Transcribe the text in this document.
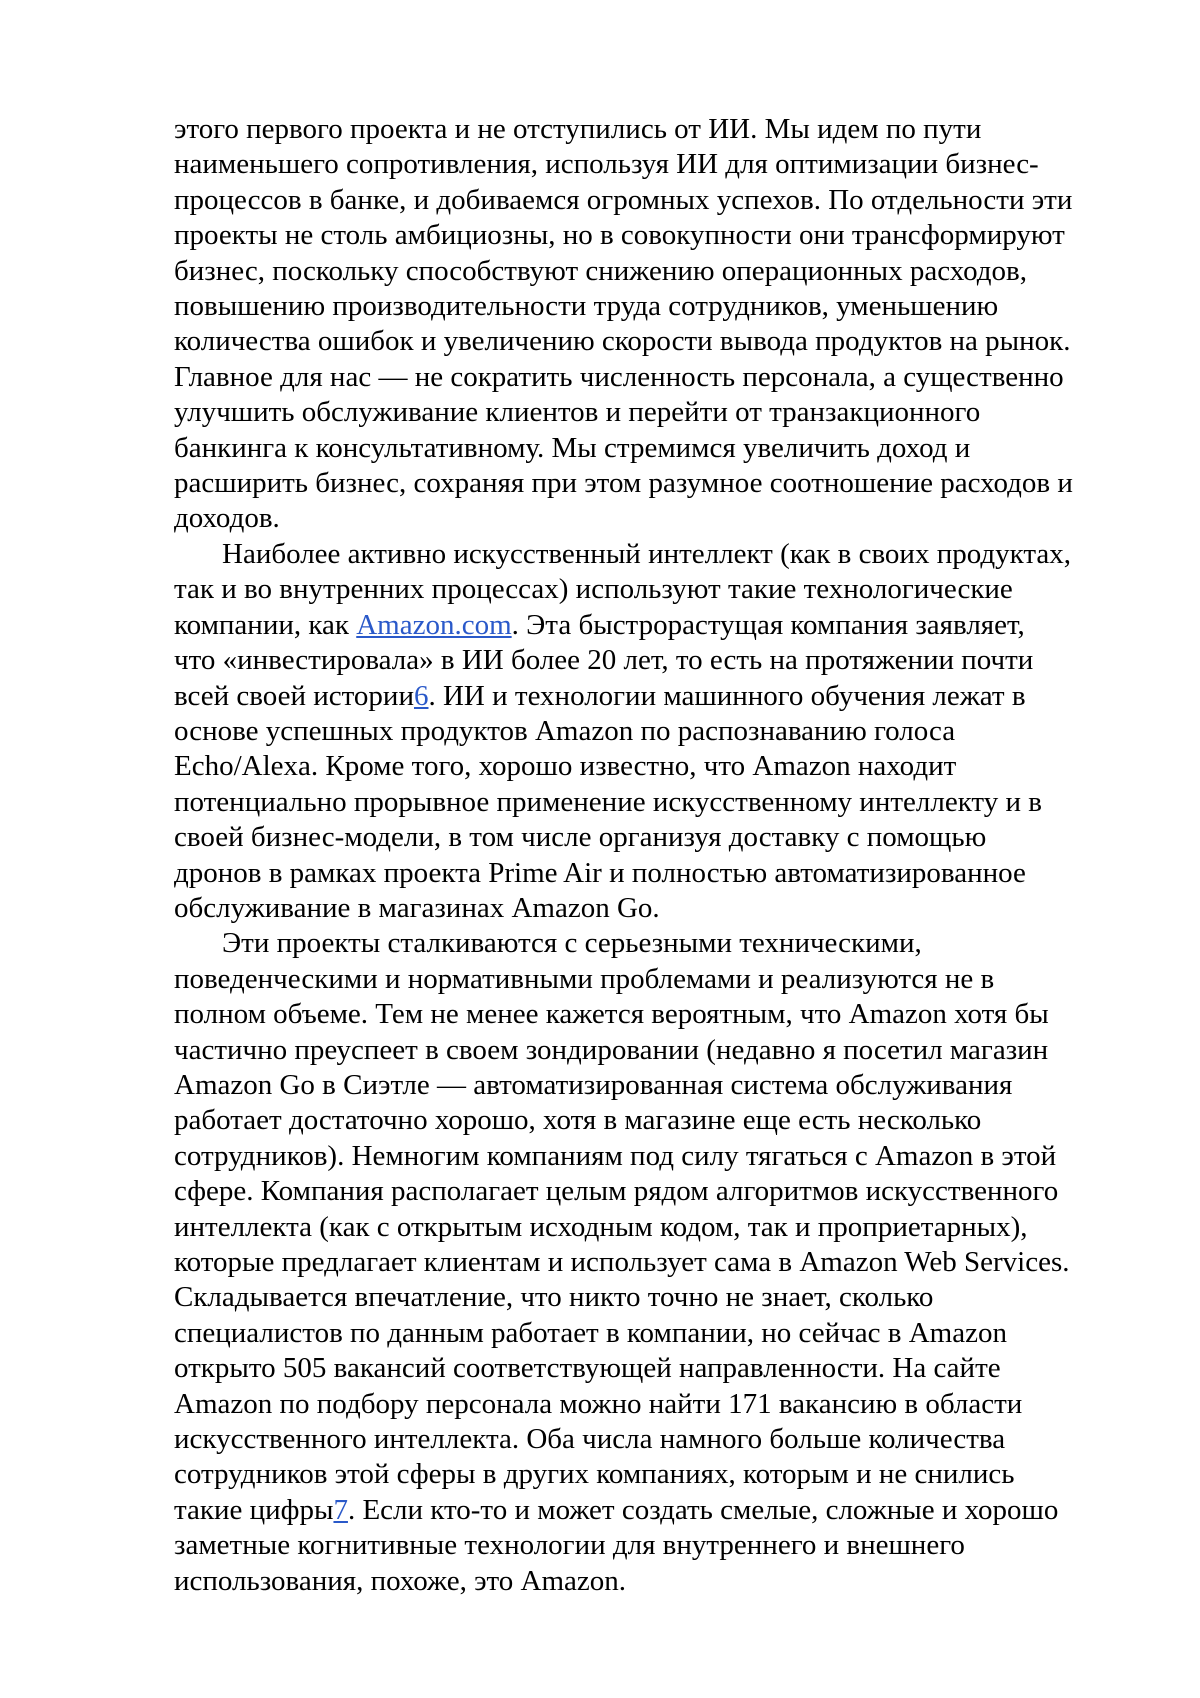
этого первого проекта и не отступились от ИИ. Мы идем по пути
наименьшего сопротивления, используя ИИ для оптимизации бизнес-
процессов в банке, и добиваемся огромных успехов. По отдельности эти
проекты не столь амбициозны, но в совокупности они трансформируют
бизнес, поскольку способствуют снижению операционных расходов,
повышению производительности труда сотрудников, уменьшению
количества ошибок и увеличению скорости вывода продуктов на рынок.
Главное для нас — не сократить численность персонала, а существенно
улучшить обслуживание клиентов и перейти от транзакционного
банкинга к консультативному. Мы стремимся увеличить доход и
расширить бизнес, сохраняя при этом разумное соотношение расходов и
доходов.
Наиболее активно искусственный интеллект (как в своих продуктах,
так и во внутренних процессах) используют такие технологические
компании, как Amazon.com. Эта быстрорастущая компания заявляет,
что «инвестировала» в ИИ более 20 лет, то есть на протяжении почти
всей своей истории6. ИИ и технологии машинного обучения лежат в
основе успешных продуктов Amazon по распознаванию голоса
Echo/Alexa. Кроме того, хорошо известно, что Amazon находит
потенциально прорывное применение искусственному интеллекту и в
своей бизнес-модели, в том числе организуя доставку с помощью
дронов в рамках проекта Prime Air и полностью автоматизированное
обслуживание в магазинах Amazon Go.
Эти проекты сталкиваются с серьезными техническими,
поведенческими и нормативными проблемами и реализуются не в
полном объеме. Тем не менее кажется вероятным, что Amazon хотя бы
частично преуспеет в своем зондировании (недавно я посетил магазин
Amazon Go в Сиэтле — автоматизированная система обслуживания
работает достаточно хорошо, хотя в магазине еще есть несколько
сотрудников). Немногим компаниям под силу тягаться с Amazon в этой
сфере. Компания располагает целым рядом алгоритмов искусственного
интеллекта (как с открытым исходным кодом, так и проприетарных),
которые предлагает клиентам и использует сама в Amazon Web Services.
Складывается впечатление, что никто точно не знает, сколько
специалистов по данным работает в компании, но сейчас в Amazon
открыто 505 вакансий соответствующей направленности. На сайте
Amazon по подбору персонала можно найти 171 вакансию в области
искусственного интеллекта. Оба числа намного больше количества
сотрудников этой сферы в других компаниях, которым и не снились
такие цифры7. Если кто-то и может создать смелые, сложные и хорошо
заметные когнитивные технологии для внутреннего и внешнего
использования, похоже, это Amazon.
